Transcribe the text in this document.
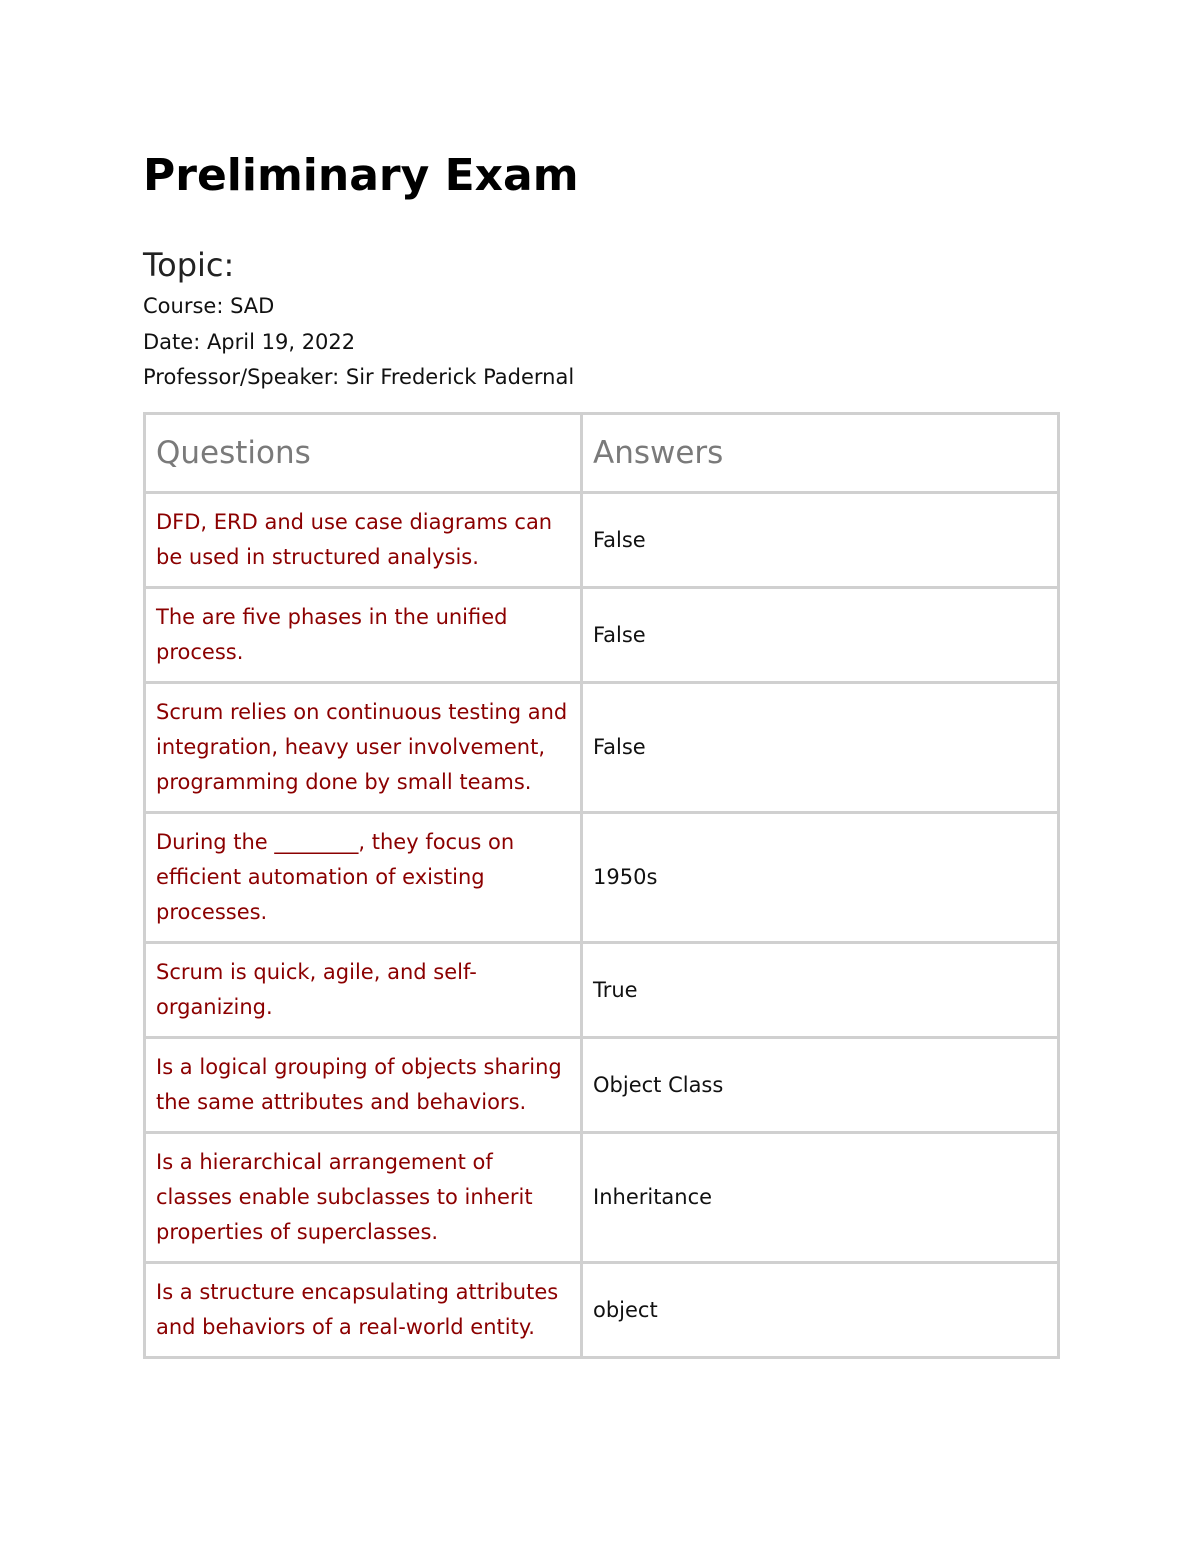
Preliminary Exam
Topic:
Course: SAD
Date: April 19, 2022
Professor/Speaker: Sir Frederick Padernal
Questions	Answers
DFD, ERD and use case diagrams can be used in structured analysis.	False
The are five phases in the unified process.	False
Scrum relies on continuous testing and integration, heavy user involvement, programming done by small teams.	False
During the ________, they focus on efficient automation of existing processes.	1950s
Scrum is quick, agile, and self-organizing.	True
Is a logical grouping of objects sharing the same attributes and behaviors.	Object Class
Is a hierarchical arrangement of classes enable subclasses to inherit properties of superclasses.	Inheritance
Is a structure encapsulating attributes and behaviors of a real-world entity.	object
